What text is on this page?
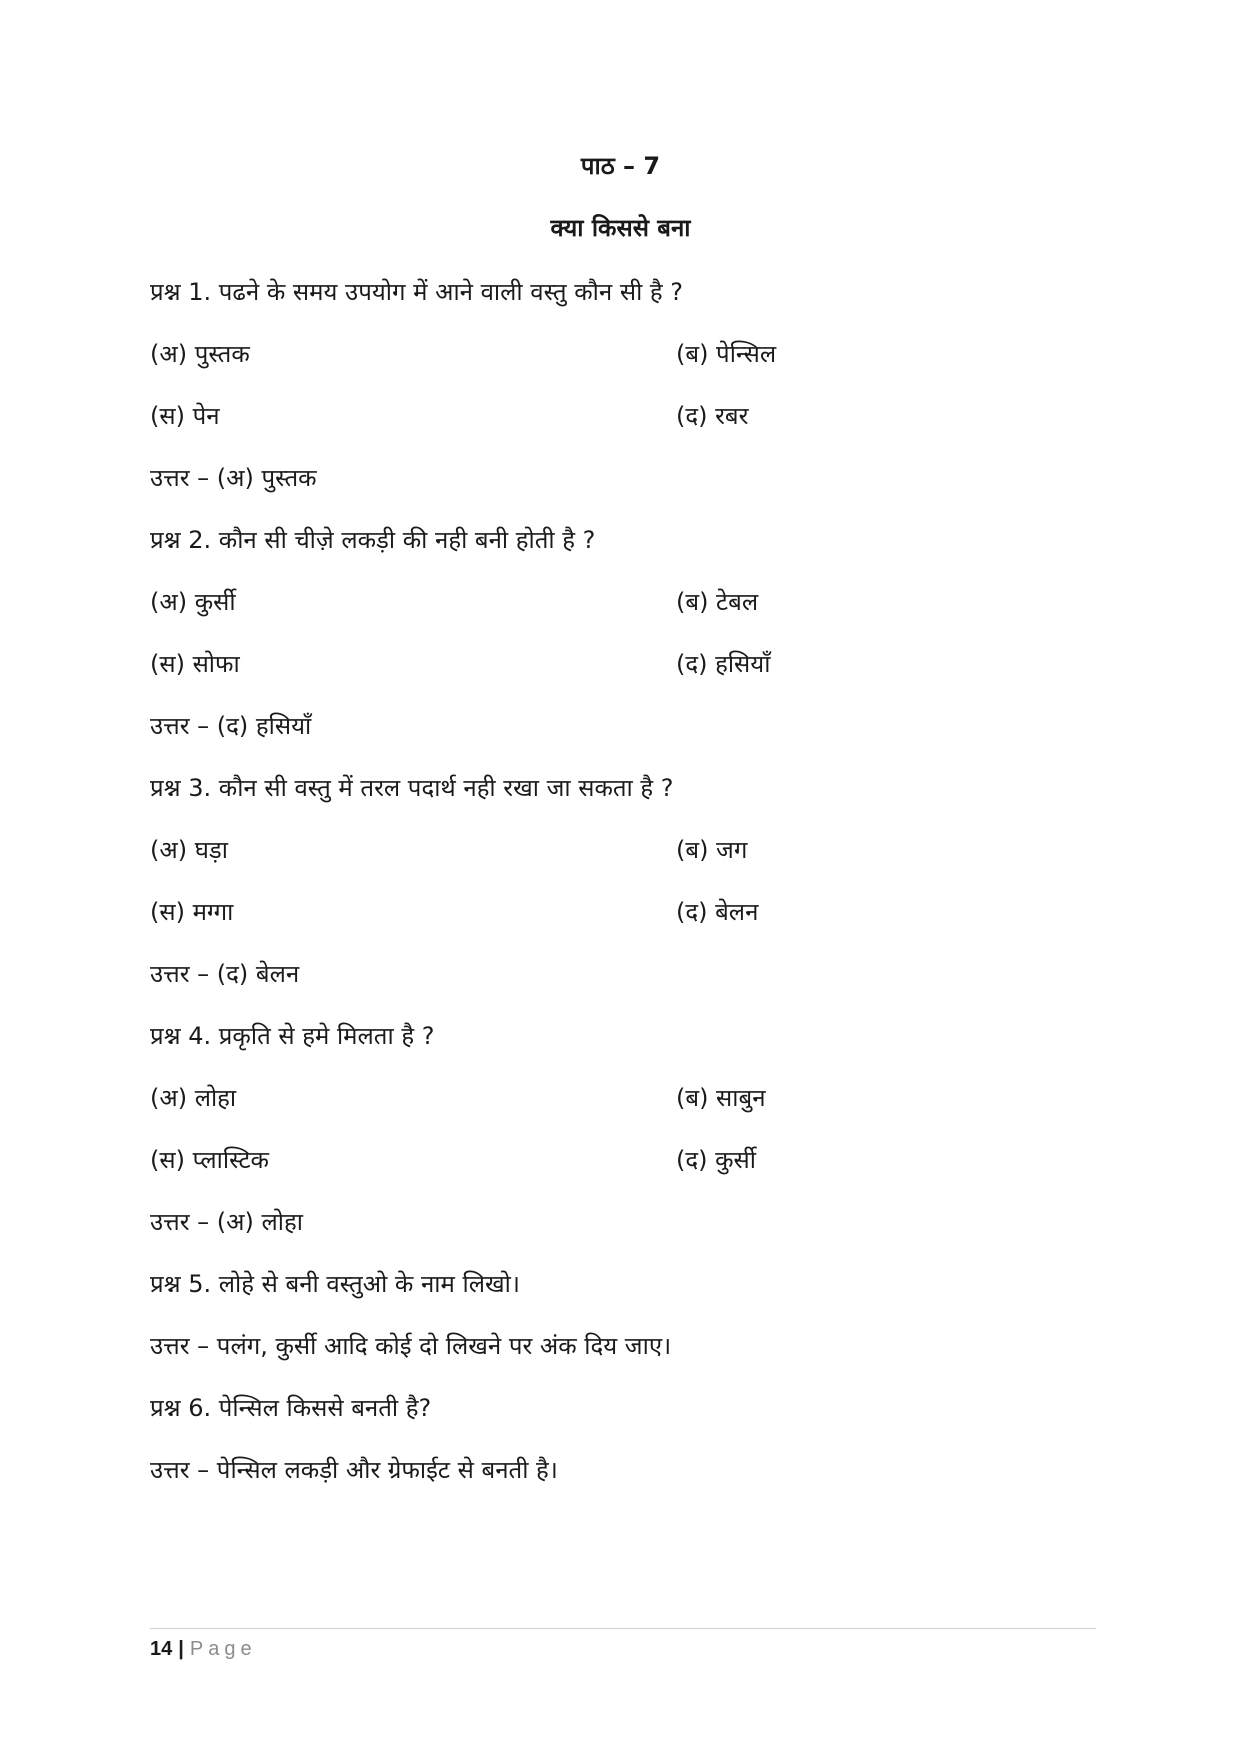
पाठ – 7
क्या किससे बना
प्रश्न 1. पढने के समय उपयोग में आने वाली वस्तु कौन सी है ?
(अ) पुस्तक	(ब) पेन्सिल
(स) पेन	(द) रबर
उत्तर – (अ) पुस्तक
प्रश्न 2. कौन सी चीज़े लकड़ी की नही बनी होती है ?
(अ) कुर्सी	(ब) टेबल
(स) सोफा	(द) हसियाँ
उत्तर – (द) हसियाँ
प्रश्न 3. कौन सी वस्तु में तरल पदार्थ नही रखा जा सकता है ?
(अ) घड़ा	(ब) जग
(स) मग्गा	(द) बेलन
उत्तर – (द) बेलन
प्रश्न 4. प्रकृति से हमे मिलता है ?
(अ) लोहा	(ब) साबुन
(स) प्लास्टिक	(द) कुर्सी
उत्तर – (अ) लोहा
प्रश्न 5. लोहे से बनी वस्तुओ के नाम लिखो।
उत्तर – पलंग, कुर्सी आदि कोई दो लिखने पर अंक दिय जाए।
प्रश्न 6. पेन्सिल किससे बनती है?
उत्तर – पेन्सिल लकड़ी और ग्रेफाईट से बनती है।
14 | Page
